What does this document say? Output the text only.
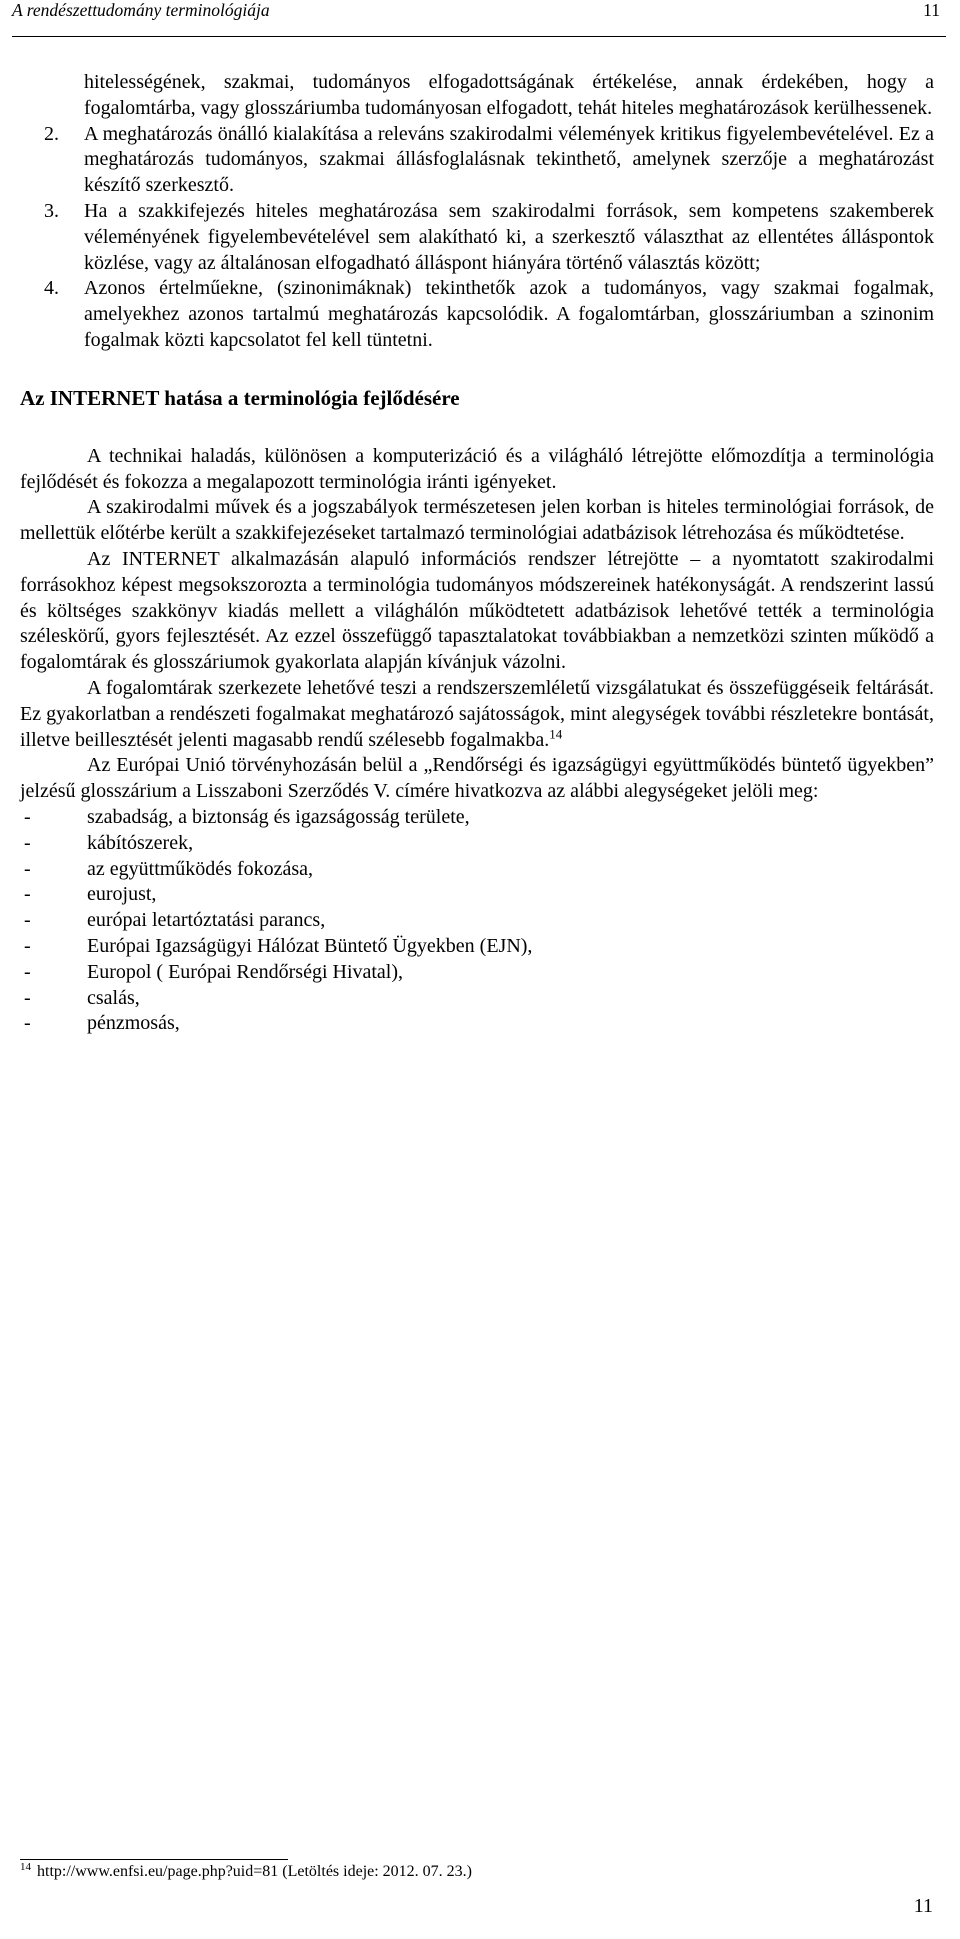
A rendészettudomány terminológiája	11
hitelességének, szakmai, tudományos elfogadottságának értékelése, annak érdekében, hogy a fogalomtárba, vagy glosszáriumba tudományosan elfogadott, tehát hiteles meghatározások kerülhessenek.
2. A meghatározás önálló kialakítása a releváns szakirodalmi vélemények kritikus figyelembevételével. Ez a meghatározás tudományos, szakmai állásfoglalásnak tekinthető, amelynek szerzője a meghatározást készítő szerkesztő.
3. Ha a szakkifejezés hiteles meghatározása sem szakirodalmi források, sem kompetens szakemberek véleményének figyelembevételével sem alakítható ki, a szerkesztő választhat az ellentétes álláspontok közlése, vagy az általánosan elfogadható álláspont hiányára történő választás között;
4. Azonos értelműekne, (szinonimáknak) tekinthetők azok a tudományos, vagy szakmai fogalmak, amelyekhez azonos tartalmú meghatározás kapcsolódik. A fogalomtárban, glosszáriumban a szinonim fogalmak közti kapcsolatot fel kell tüntetni.
Az INTERNET hatása a terminológia fejlődésére

A technikai haladás, különösen a komputerizáció és a világháló létrejötte előmozdítja a terminológia fejlődését és fokozza a megalapozott terminológia iránti igényeket.

A szakirodalmi művek és a jogszabályok természetesen jelen korban is hiteles terminológiai források, de mellettük előtérbe került a szakkifejezéseket tartalmazó terminológiai adatbázisok létrehozása és működtetése.

Az INTERNET alkalmazásán alapuló információs rendszer létrejötte – a nyomtatott szakirodalmi forrásokhoz képest megsokszorozta a terminológia tudományos módszereinek hatékonyságát. A rendszerint lassú és költséges szakkönyv kiadás mellett a világhálón működtetett adatbázisok lehetővé tették a terminológia széleskörű, gyors fejlesztését. Az ezzel összefüggő tapasztalatokat továbbiakban a nemzetközi szinten működő a fogalomtárak és glosszáriumok gyakorlata alapján kívánjuk vázolni.

A fogalomtárak szerkezete lehetővé teszi a rendszerszemléletű vizsgálatukat és összefüggéseik feltárását. Ez gyakorlatban a rendészeti fogalmakat meghatározó sajátosságok, mint alegységek további részletekre bontását, illetve beillesztését jelenti magasabb rendű szélesebb fogalmakba.$^{14}$

Az Európai Unió törvényhozásán belül a „Rendőrségi és igazságügyi együttműködés büntető ügyekben” jelzésű glosszárium a Lisszaboni Szerződés V. címére hivatkozva az alábbi alegységeket jelöli meg:

-	szabadság, a biztonság és igazságosság területe,
-	kábítószerek,
-	az együttműködés fokozása,
-	eurojust,
-	európai letartóztatási parancs,
-	Európai Igazságügyi Hálózat Büntető Ügyekben (EJN),
-	Europol ( Európai Rendőrségi Hivatal),
-	csalás,
-	pénzmosás,
$^{14}$ http://www.enfsi.eu/page.php?uid=81 (Letöltés ideje: 2012. 07. 23.)
11
